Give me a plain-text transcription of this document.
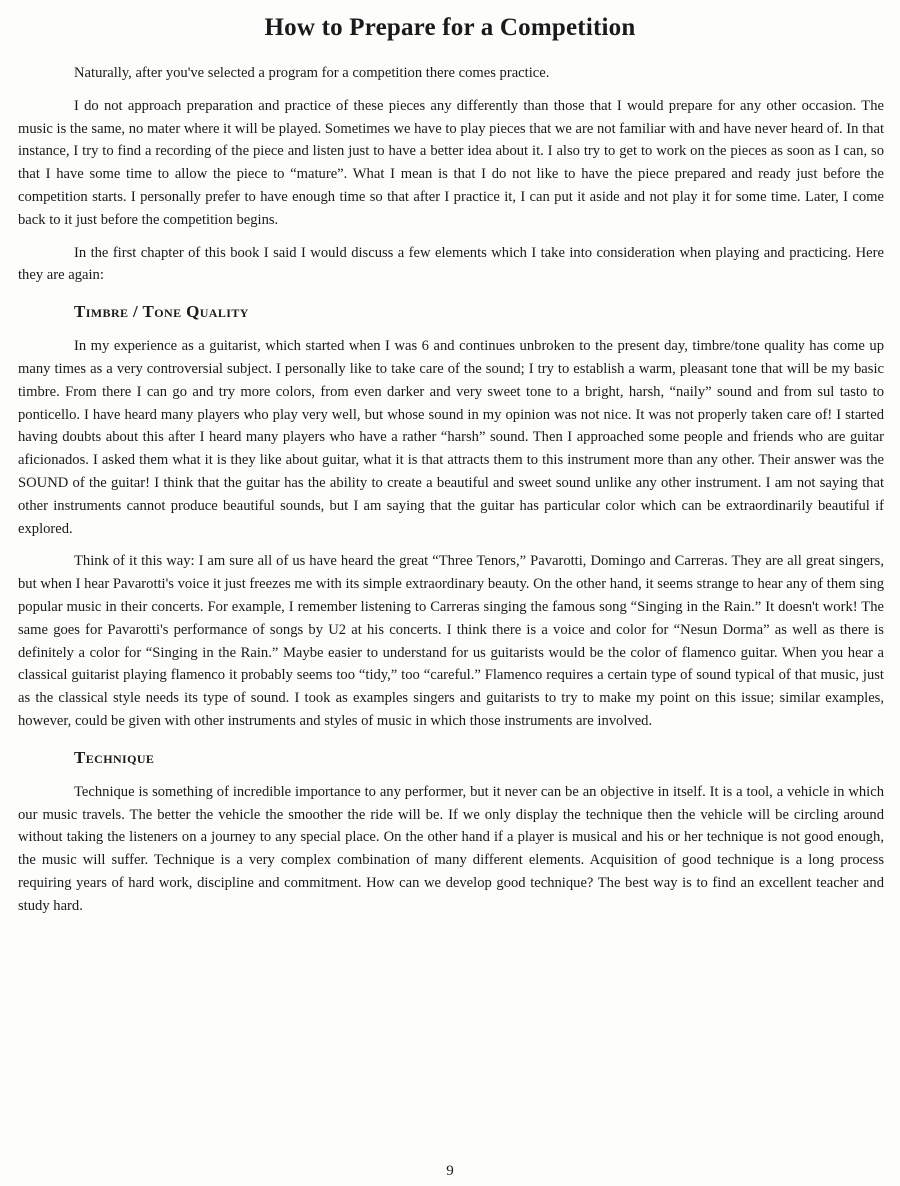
How to Prepare for a Competition

Naturally, after you've selected a program for a competition there comes practice.

I do not approach preparation and practice of these pieces any differently than those that I would prepare for any other occasion. The music is the same, no mater where it will be played. Sometimes we have to play pieces that we are not familiar with and have never heard of. In that instance, I try to find a recording of the piece and listen just to have a better idea about it. I also try to get to work on the pieces as soon as I can, so that I have some time to allow the piece to “mature”. What I mean is that I do not like to have the piece prepared and ready just before the competition starts. I personally prefer to have enough time so that after I practice it, I can put it aside and not play it for some time. Later, I come back to it just before the competition begins.

In the first chapter of this book I said I would discuss a few elements which I take into consideration when playing and practicing. Here they are again:

Timbre / Tone Quality

In my experience as a guitarist, which started when I was 6 and continues unbroken to the present day, timbre/tone quality has come up many times as a very controversial subject. I personally like to take care of the sound; I try to establish a warm, pleasant tone that will be my basic timbre. From there I can go and try more colors, from even darker and very sweet tone to a bright, harsh, “naily” sound and from sul tasto to ponticello. I have heard many players who play very well, but whose sound in my opinion was not nice. It was not properly taken care of! I started having doubts about this after I heard many players who have a rather “harsh” sound. Then I approached some people and friends who are guitar aficionados. I asked them what it is they like about guitar, what it is that attracts them to this instrument more than any other. Their answer was the SOUND of the guitar! I think that the guitar has the ability to create a beautiful and sweet sound unlike any other instrument. I am not saying that other instruments cannot produce beautiful sounds, but I am saying that the guitar has particular color which can be extraordinarily beautiful if explored.

Think of it this way: I am sure all of us have heard the great “Three Tenors,” Pavarotti, Domingo and Carreras. They are all great singers, but when I hear Pavarotti's voice it just freezes me with its simple extraordinary beauty. On the other hand, it seems strange to hear any of them sing popular music in their concerts. For example, I remember listening to Carreras singing the famous song “Singing in the Rain.” It doesn't work! The same goes for Pavarotti's performance of songs by U2 at his concerts. I think there is a voice and color for “Nesun Dorma” as well as there is definitely a color for “Singing in the Rain.” Maybe easier to understand for us guitarists would be the color of flamenco guitar. When you hear a classical guitarist playing flamenco it probably seems too “tidy,” too “careful.” Flamenco requires a certain type of sound typical of that music, just as the classical style needs its type of sound. I took as examples singers and guitarists to try to make my point on this issue; similar examples, however, could be given with other instruments and styles of music in which those instruments are involved.

Technique

Technique is something of incredible importance to any performer, but it never can be an objective in itself. It is a tool, a vehicle in which our music travels. The better the vehicle the smoother the ride will be. If we only display the technique then the vehicle will be circling around without taking the listeners on a journey to any special place. On the other hand if a player is musical and his or her technique is not good enough, the music will suffer. Technique is a very complex combination of many different elements. Acquisition of good technique is a long process requiring years of hard work, discipline and commitment. How can we develop good technique? The best way is to find an excellent teacher and study hard.

9
